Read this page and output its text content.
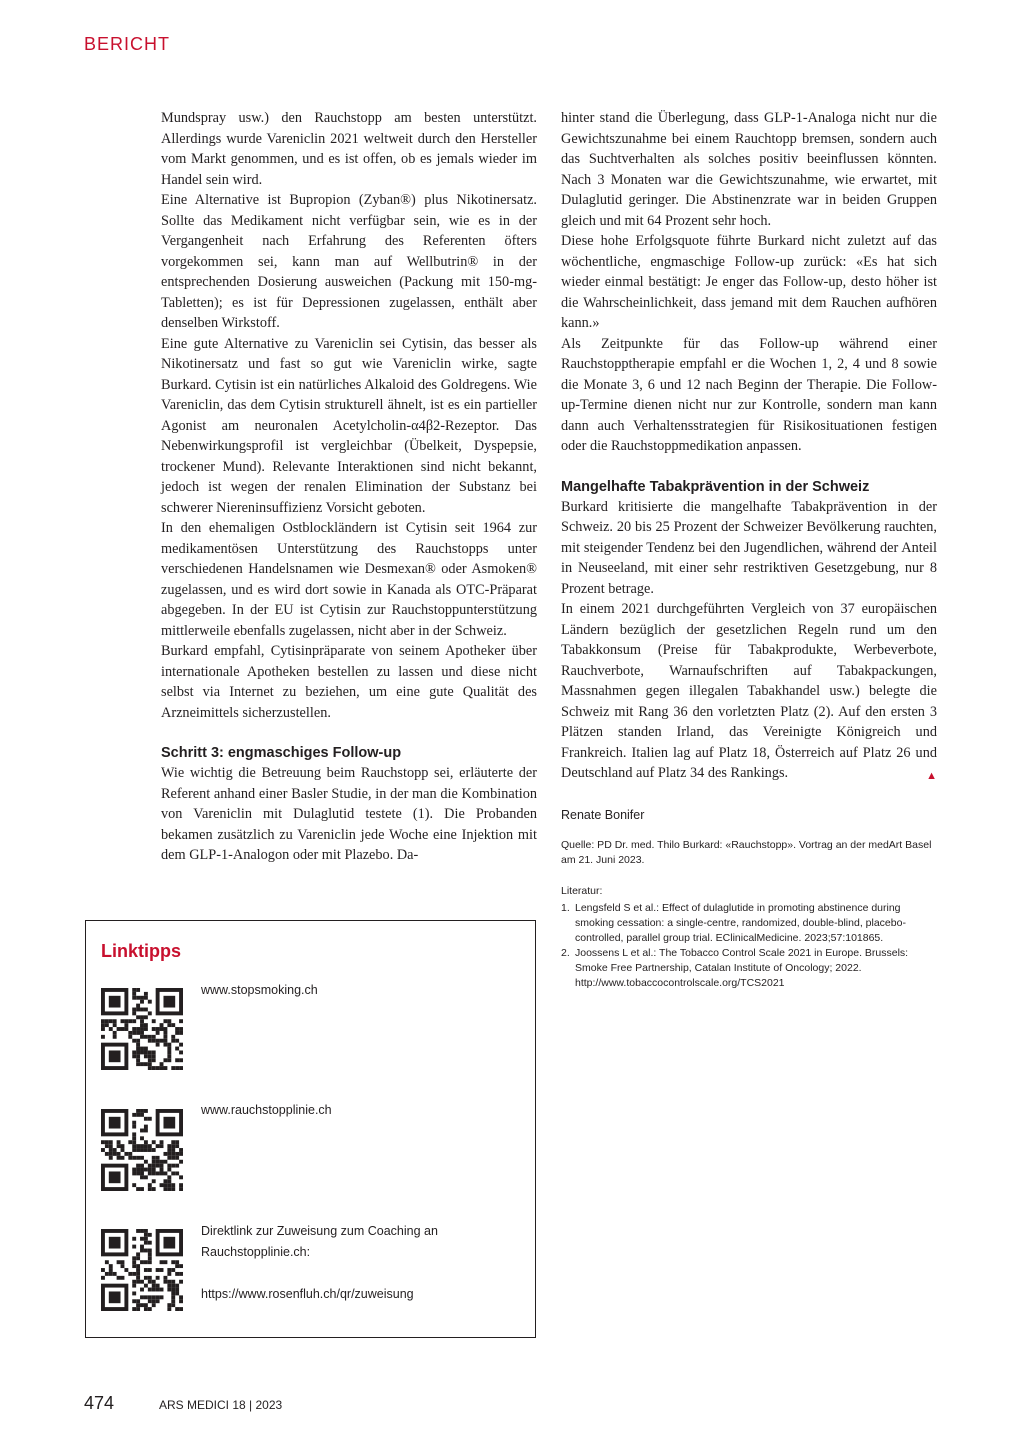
BERICHT

Mundspray usw.) den Rauchstopp am besten unterstützt. Allerdings wurde Vareniclin 2021 weltweit durch den Hersteller vom Markt genommen, und es ist offen, ob es jemals wieder im Handel sein wird.

Eine Alternative ist Bupropion (Zyban®) plus Nikotinersatz. Sollte das Medikament nicht verfügbar sein, wie es in der Vergangenheit nach Erfahrung des Referenten öfters vorgekommen sei, kann man auf Wellbutrin® in der entsprechenden Dosierung ausweichen (Packung mit 150-mg-Tabletten); es ist für Depressionen zugelassen, enthält aber denselben Wirkstoff.

Eine gute Alternative zu Vareniclin sei Cytisin, das besser als Nikotinersatz und fast so gut wie Vareniclin wirke, sagte Burkard. Cytisin ist ein natürliches Alkaloid des Goldregens. Wie Vareniclin, das dem Cytisin strukturell ähnelt, ist es ein partieller Agonist am neuronalen Acetylcholin-α4β2-Rezeptor. Das Nebenwirkungsprofil ist vergleichbar (Übelkeit, Dyspepsie, trockener Mund). Relevante Interaktionen sind nicht bekannt, jedoch ist wegen der renalen Elimination der Substanz bei schwerer Niereninsuffizienz Vorsicht geboten.

In den ehemaligen Ostblockländern ist Cytisin seit 1964 zur medikamentösen Unterstützung des Rauchstopps unter verschiedenen Handelsnamen wie Desmexan® oder Asmoken® zugelassen, und es wird dort sowie in Kanada als OTC-Präparat abgegeben. In der EU ist Cytisin zur Rauchstoppunterstützung mittlerweile ebenfalls zugelassen, nicht aber in der Schweiz.

Burkard empfahl, Cytisinpräparate von seinem Apotheker über internationale Apotheken bestellen zu lassen und diese nicht selbst via Internet zu beziehen, um eine gute Qualität des Arzneimittels sicherzustellen.

Schritt 3: engmaschiges Follow-up

Wie wichtig die Betreuung beim Rauchstopp sei, erläuterte der Referent anhand einer Basler Studie, in der man die Kombination von Vareniclin mit Dulaglutid testete (1). Die Probanden bekamen zusätzlich zu Vareniclin jede Woche eine Injektion mit dem GLP-1-Analogon oder mit Plazebo. Da-

hinter stand die Überlegung, dass GLP-1-Analoga nicht nur die Gewichtszunahme bei einem Rauchtopp bremsen, sondern auch das Suchtverhalten als solches positiv beeinflussen könnten. Nach 3 Monaten war die Gewichtszunahme, wie erwartet, mit Dulaglutid geringer. Die Abstinenzrate war in beiden Gruppen gleich und mit 64 Prozent sehr hoch.

Diese hohe Erfolgsquote führte Burkard nicht zuletzt auf das wöchentliche, engmaschige Follow-up zurück: «Es hat sich wieder einmal bestätigt: Je enger das Follow-up, desto höher ist die Wahrscheinlichkeit, dass jemand mit dem Rauchen aufhören kann.»

Als Zeitpunkte für das Follow-up während einer Rauchstopptherapie empfahl er die Wochen 1, 2, 4 und 8 sowie die Monate 3, 6 und 12 nach Beginn der Therapie. Die Follow-up-Termine dienen nicht nur zur Kontrolle, sondern man kann dann auch Verhaltensstrategien für Risikosituationen festigen oder die Rauchstoppmedikation anpassen.

Mangelhafte Tabakprävention in der Schweiz

Burkard kritisierte die mangelhafte Tabakprävention in der Schweiz. 20 bis 25 Prozent der Schweizer Bevölkerung rauchten, mit steigender Tendenz bei den Jugendlichen, während der Anteil in Neuseeland, mit einer sehr restriktiven Gesetzgebung, nur 8 Prozent betrage.

In einem 2021 durchgeführten Vergleich von 37 europäischen Ländern bezüglich der gesetzlichen Regeln rund um den Tabakkonsum (Preise für Tabakprodukte, Werbeverbote, Rauchverbote, Warnaufschriften auf Tabakpackungen, Massnahmen gegen illegalen Tabakhandel usw.) belegte die Schweiz mit Rang 36 den vorletzten Platz (2). Auf den ersten 3 Plätzen standen Irland, das Vereinigte Königreich und Frankreich. Italien lag auf Platz 18, Österreich auf Platz 26 und Deutschland auf Platz 34 des Rankings.	▲

Renate Bonifer
Quelle: PD Dr. med. Thilo Burkard: «Rauchstopp». Vortrag an der medArt Basel am 21. Juni 2023.
Literatur:
1. Lengsfeld S et al.: Effect of dulaglutide in promoting abstinence during smoking cessation: a single-centre, randomized, double-blind, placebo-controlled, parallel group trial. EClinicalMedicine. 2023;57:101865.
2. Joossens L et al.: The Tobacco Control Scale 2021 in Europe. Brussels: Smoke Free Partnership, Catalan Institute of Oncology; 2022. http://www.tobaccocontrolscale.org/TCS2021
Linktipps
www.stopsmoking.ch
www.rauchstopplinie.ch
Direktlink zur Zuweisung zum Coaching an
Rauchstopplinie.ch:
https://www.rosenfluh.ch/qr/zuweisung
474	ARS MEDICI 18 | 2023
